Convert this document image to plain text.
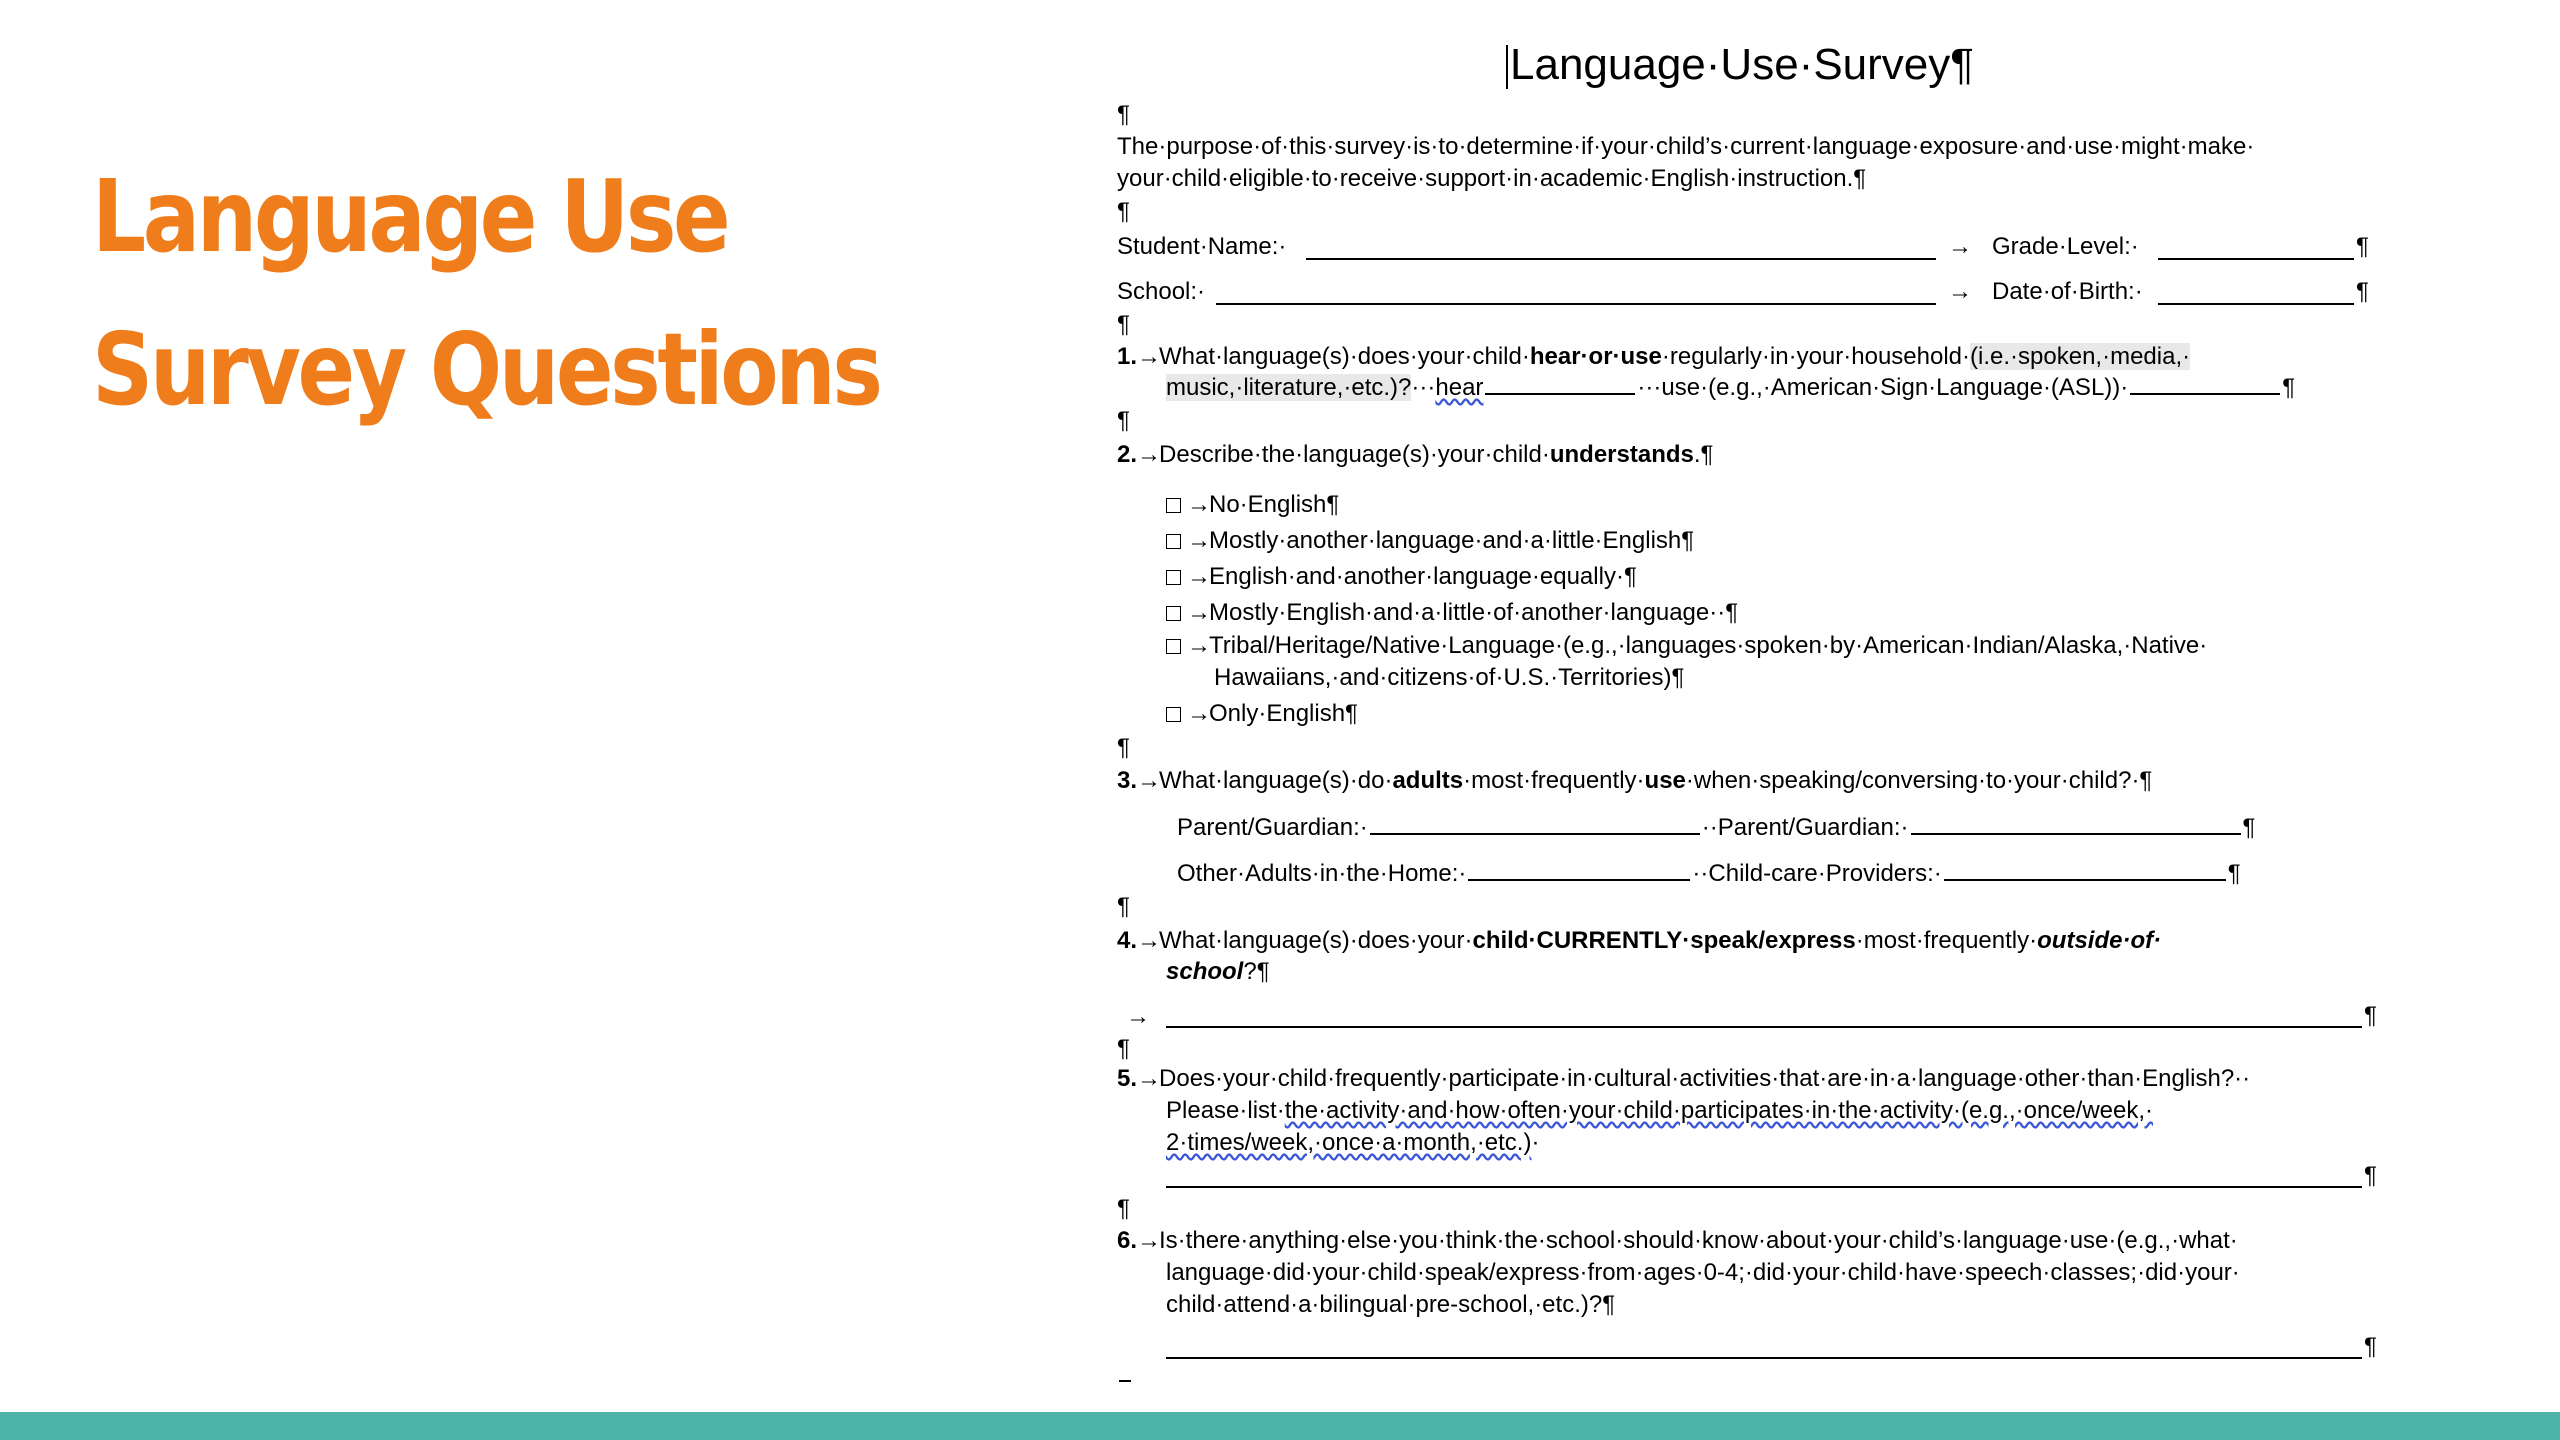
Language Use
Survey Questions
Language·Use·Survey¶
¶
The·purpose·of·this·survey·is·to·determine·if·your·child’s·current·language·exposure·and·use·might·make·
your·child·eligible·to·receive·support·in·academic·English·instruction.¶
¶
Student·Name:·	→ Grade·Level:·	¶
School:·	→ Date·of·Birth:·	¶
¶
1.→What·language(s)·does·your·child·hear·or·use·regularly·in·your·household·(i.e.·spoken,·media,·
music,·literature,·etc.)?···hear	···use·(e.g.,·American·Sign·Language·(ASL))·	¶
¶
2.→Describe·the·language(s)·your·child·understands.¶
→No·English¶
→Mostly·another·language·and·a·little·English¶
→English·and·another·language·equally·¶
→Mostly·English·and·a·little·of·another·language··¶
→Tribal/Heritage/Native·Language·(e.g.,·languages·spoken·by·American·Indian/Alaska,·Native·
Hawaiians,·and·citizens·of·U.S.·Territories)¶
→Only·English¶
¶
3.→What·language(s)·do·adults·most·frequently·use·when·speaking/conversing·to·your·child?·¶
Parent/Guardian:·	··Parent/Guardian:·	¶
Other·Adults·in·the·Home:·	··Child-care·Providers:·	¶
¶
4.→What·language(s)·does·your·child·CURRENTLY·speak/express·most·frequently·outside·of·
school?¶
→	¶
¶
5.→Does·your·child·frequently·participate·in·cultural·activities·that·are·in·a·language·other·than·English?··
Please·list·the·activity·and·how·often·your·child·participates·in·the·activity·(e.g.,·once/week,·
2·times/week,·once·a·month,·etc.)·
¶
¶
6.→Is·there·anything·else·you·think·the·school·should·know·about·your·child’s·language·use·(e.g.,·what·
language·did·your·child·speak/express·from·ages·0-4;·did·your·child·have·speech·classes;·did·your·
child·attend·a·bilingual·pre-school,·etc.)?¶
¶
